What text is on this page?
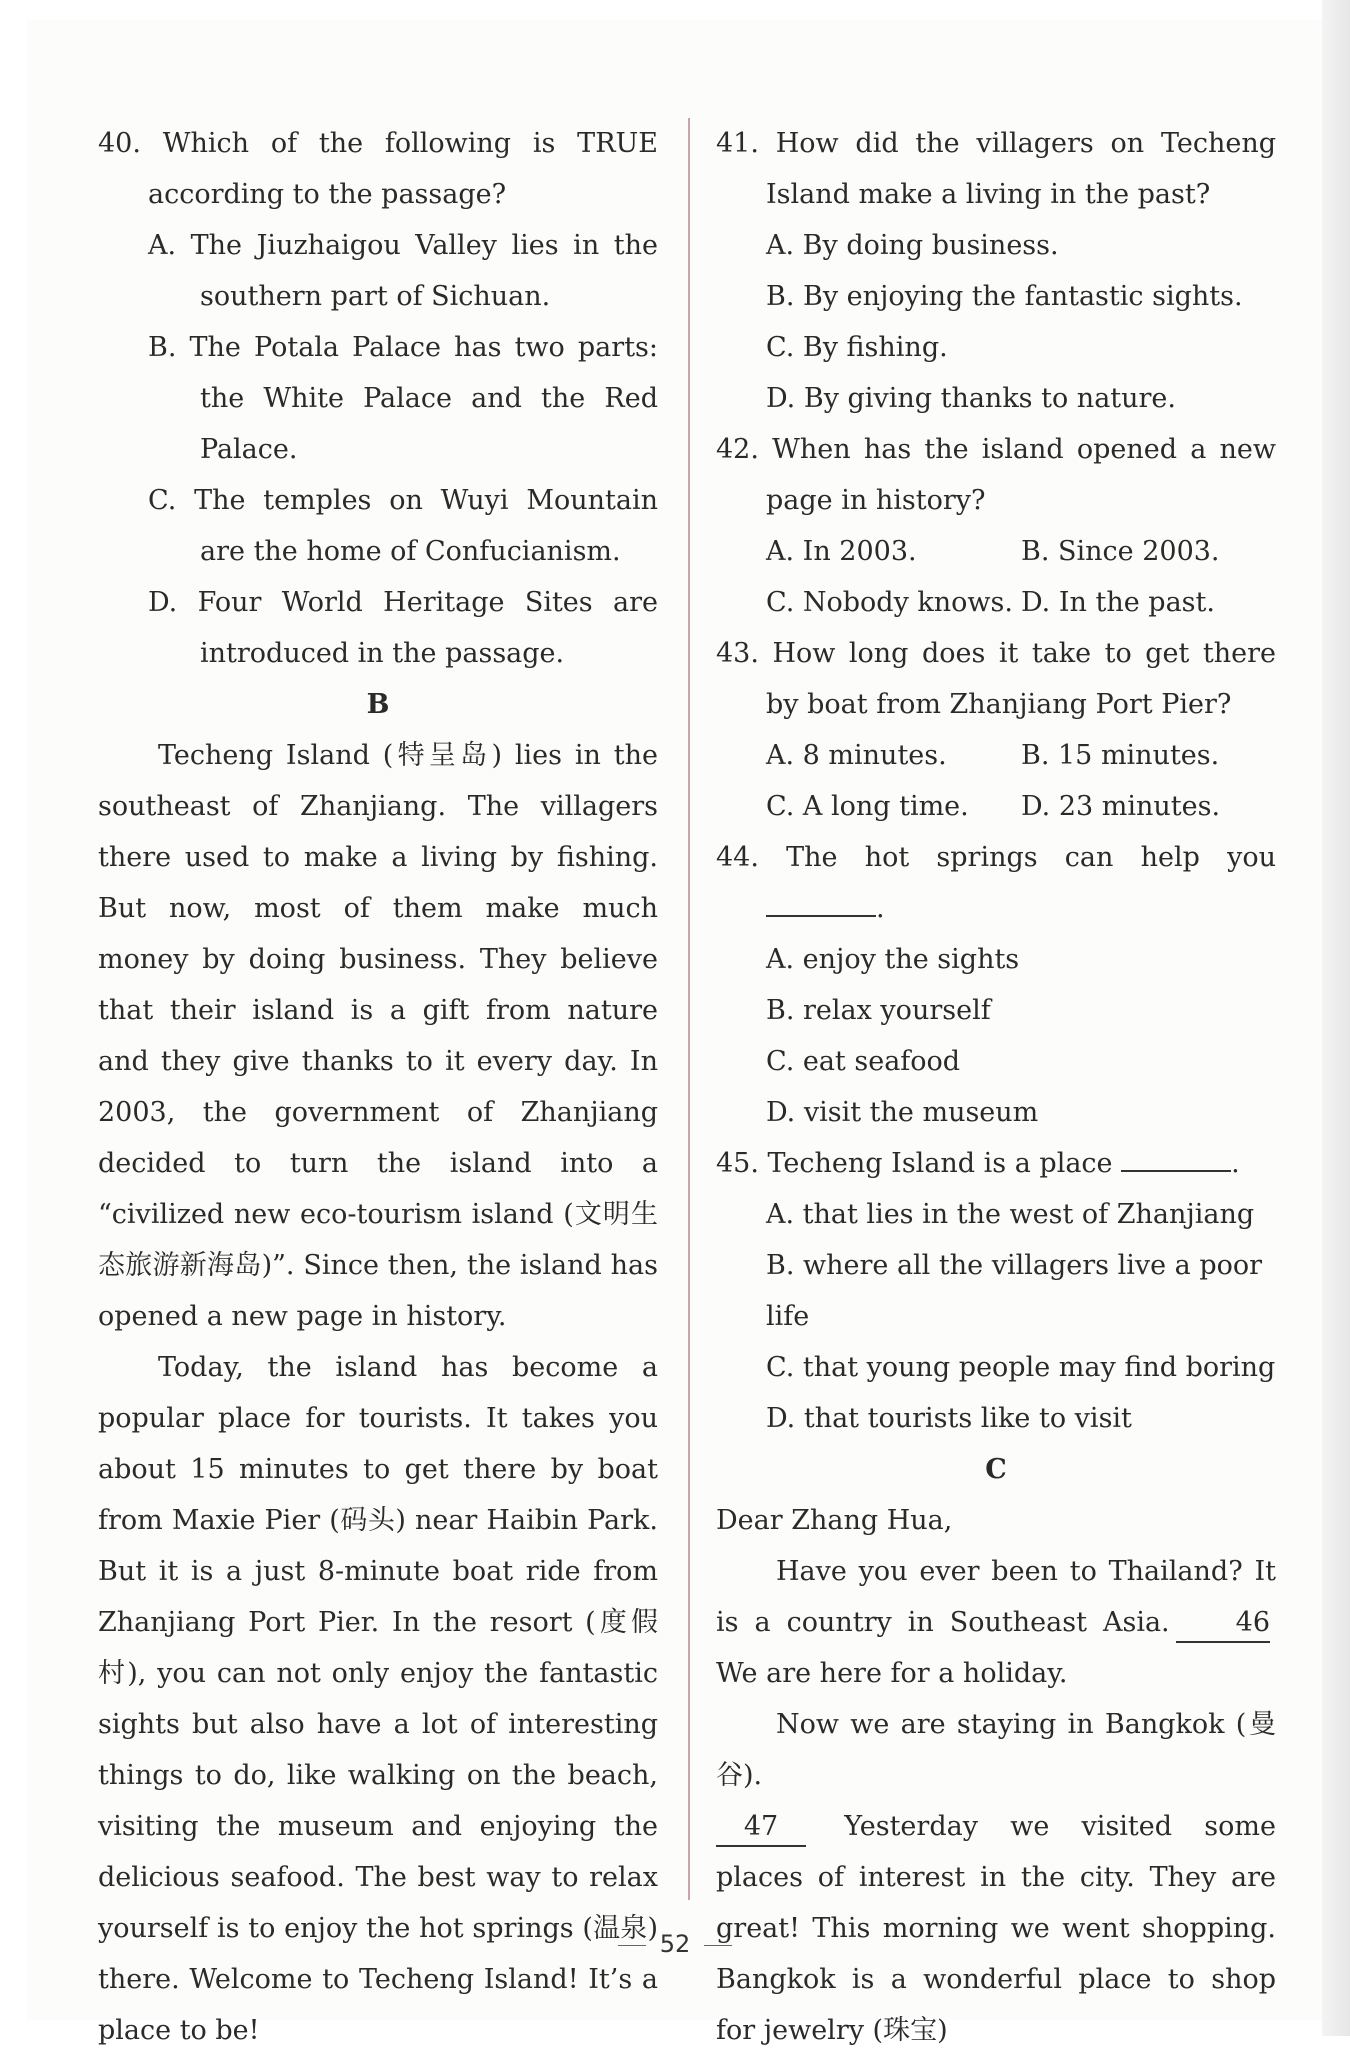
40. Which of the following is TRUE according to the passage?

A. The Jiuzhaigou Valley lies in the southern part of Sichuan.

B. The Potala Palace has two parts: the White Palace and the Red Palace.

C. The temples on Wuyi Mountain are the home of Confucianism.

D. Four World Heritage Sites are introduced in the passage.

B

Techeng Island (特呈岛) lies in the southeast of Zhanjiang. The villagers there used to make a living by fishing. But now, most of them make much money by doing business. They believe that their island is a gift from nature and they give thanks to it every day. In 2003, the government of Zhanjiang decided to turn the island into a “civilized new eco-tourism island (文明生态旅游新海岛)”. Since then, the island has opened a new page in history.

Today, the island has become a popular place for tourists. It takes you about 15 minutes to get there by boat from Maxie Pier (码头) near Haibin Park. But it is a just 8-minute boat ride from Zhanjiang Port Pier. In the resort (度假村), you can not only enjoy the fantastic sights but also have a lot of interesting things to do, like walking on the beach, visiting the museum and enjoying the delicious seafood. The best way to relax yourself is to enjoy the hot springs (温泉) there. Welcome to Techeng Island! It’s a place to be!

41. How did the villagers on Techeng Island make a living in the past?

A. By doing business.

B. By enjoying the fantastic sights.

C. By fishing.

D. By giving thanks to nature.

42. When has the island opened a new page in history?

A. In 2003.	B. Since 2003.

C. Nobody knows. D. In the past.

43. How long does it take to get there by boat from Zhanjiang Port Pier?

A. 8 minutes.	B. 15 minutes.

C. A long time.	D. 23 minutes.

44. The hot springs can help you .

A. enjoy the sights

B. relax yourself

C. eat seafood

D. visit the museum

45. Techeng Island is a place	.

A. that lies in the west of Zhanjiang

B. where all the villagers live a poor life

C. that young people may find boring

D. that tourists like to visit

C

Dear Zhang Hua,

Have you ever been to Thailand? It is a country in Southeast Asia. 46We are here for a holiday.

Now we are staying in Bangkok (曼谷).

47 Yesterday we visited some places of interest in the city. They are great! This morning we went shopping. Bangkok is a wonderful place to shop for jewelry (珠宝)

52
